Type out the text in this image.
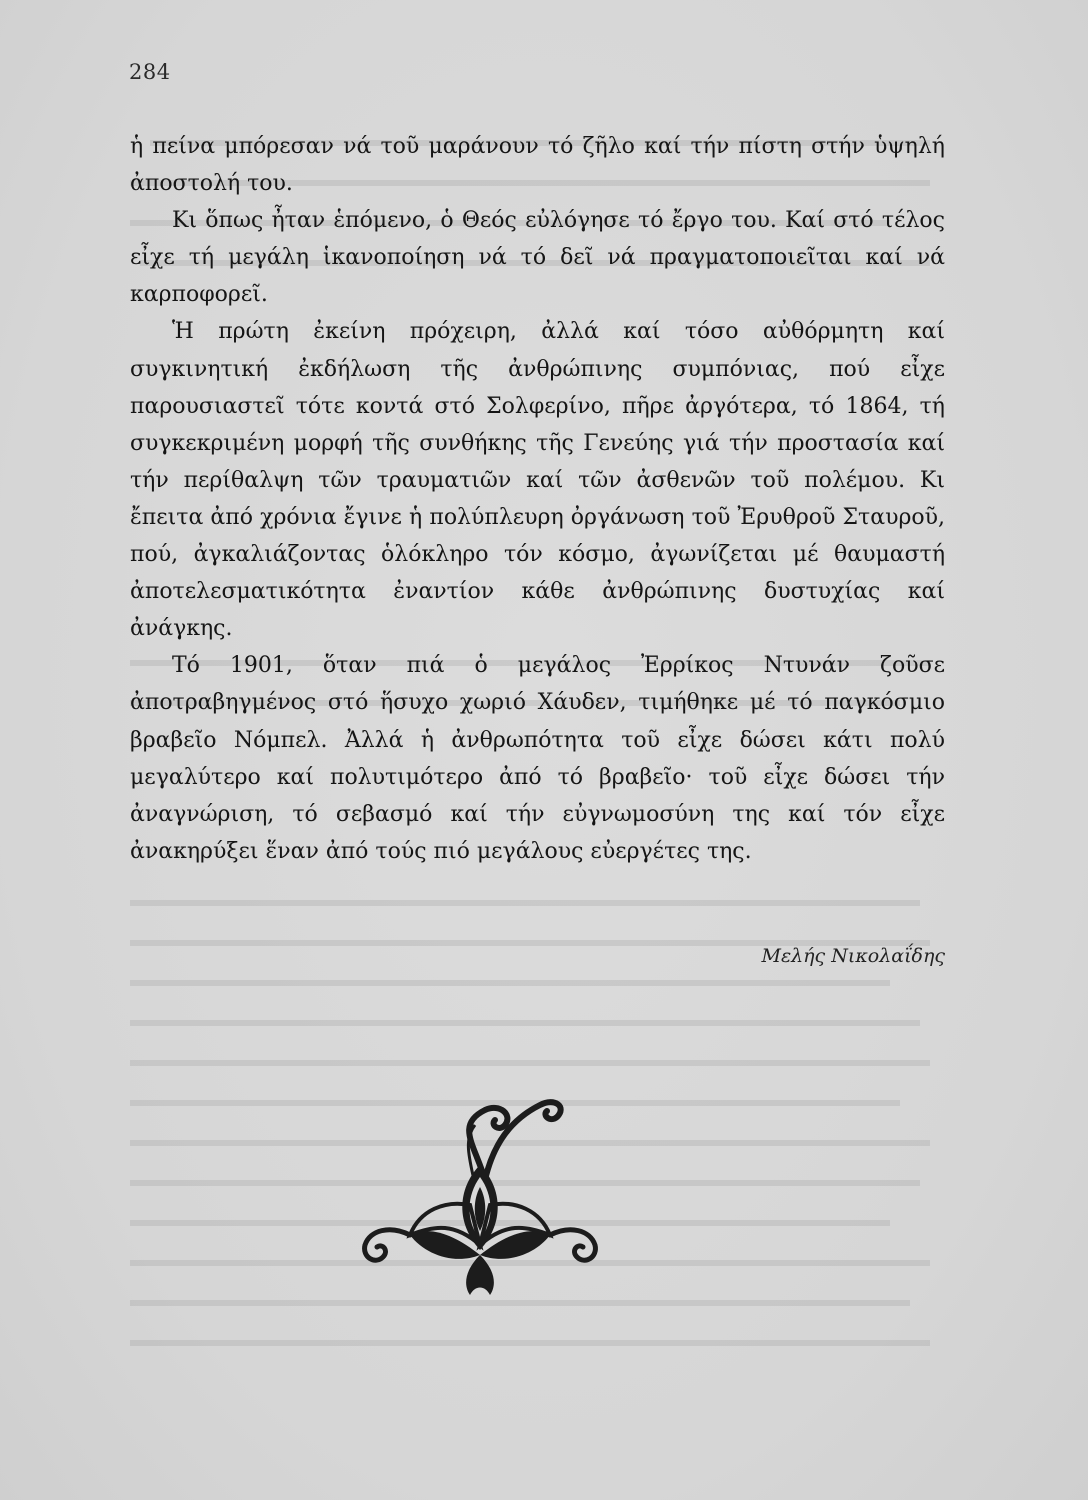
284

ἡ πείνα μπόρεσαν νά τοῦ μαράνουν τό ζῆλο καί τήν πίστη στήν ὑψηλή ἀποστολή του.

Κι ὅπως ἦταν ἑπόμενο, ὁ Θεός εὐλόγησε τό ἔργο του. Καί στό τέλος εἶχε τή μεγάλη ἱκανοποίηση νά τό δεῖ νά πραγματοποιεῖται καί νά καρποφορεῖ.

Ἡ πρώτη ἐκείνη πρόχειρη, ἀλλά καί τόσο αὐθόρμητη καί συγκινητική ἐκδήλωση τῆς ἀνθρώπινης συμπόνιας, πού εἶχε παρουσιαστεῖ τότε κοντά στό Σολφερίνο, πῆρε ἀργότερα, τό 1864, τή συγκεκριμένη μορφή τῆς συνθήκης τῆς Γενεύης γιά τήν προστασία καί τήν περίθαλψη τῶν τραυματιῶν καί τῶν ἀσθενῶν τοῦ πολέμου. Κι ἔπειτα ἀπό χρόνια ἔγινε ἡ πολύπλευρη ὀργάνωση τοῦ Ἐρυθροῦ Σταυροῦ, πού, ἀγκαλιάζοντας ὁλόκληρο τόν κόσμο, ἀγωνίζεται μέ θαυμαστή ἀποτελεσματικότητα ἐναντίον κάθε ἀνθρώπινης δυστυχίας καί ἀνάγκης.

Τό 1901, ὅταν πιά ὁ μεγάλος Ἐρρίκος Ντυνάν ζοῦσε ἀποτραβηγμένος στό ἥσυχο χωριό Χάυδεν, τιμήθηκε μέ τό παγκόσμιο βραβεῖο Νόμπελ. Ἀλλά ἡ ἀνθρωπότητα τοῦ εἶχε δώσει κάτι πολύ μεγαλύτερο καί πολυτιμότερο ἀπό τό βραβεῖο· τοῦ εἶχε δώσει τήν ἀναγνώριση, τό σεβασμό καί τήν εὐγνωμοσύνη της καί τόν εἶχε ἀνακηρύξει ἕναν ἀπό τούς πιό μεγάλους εὐεργέτες της.

Μελής Νικολαΐδης
